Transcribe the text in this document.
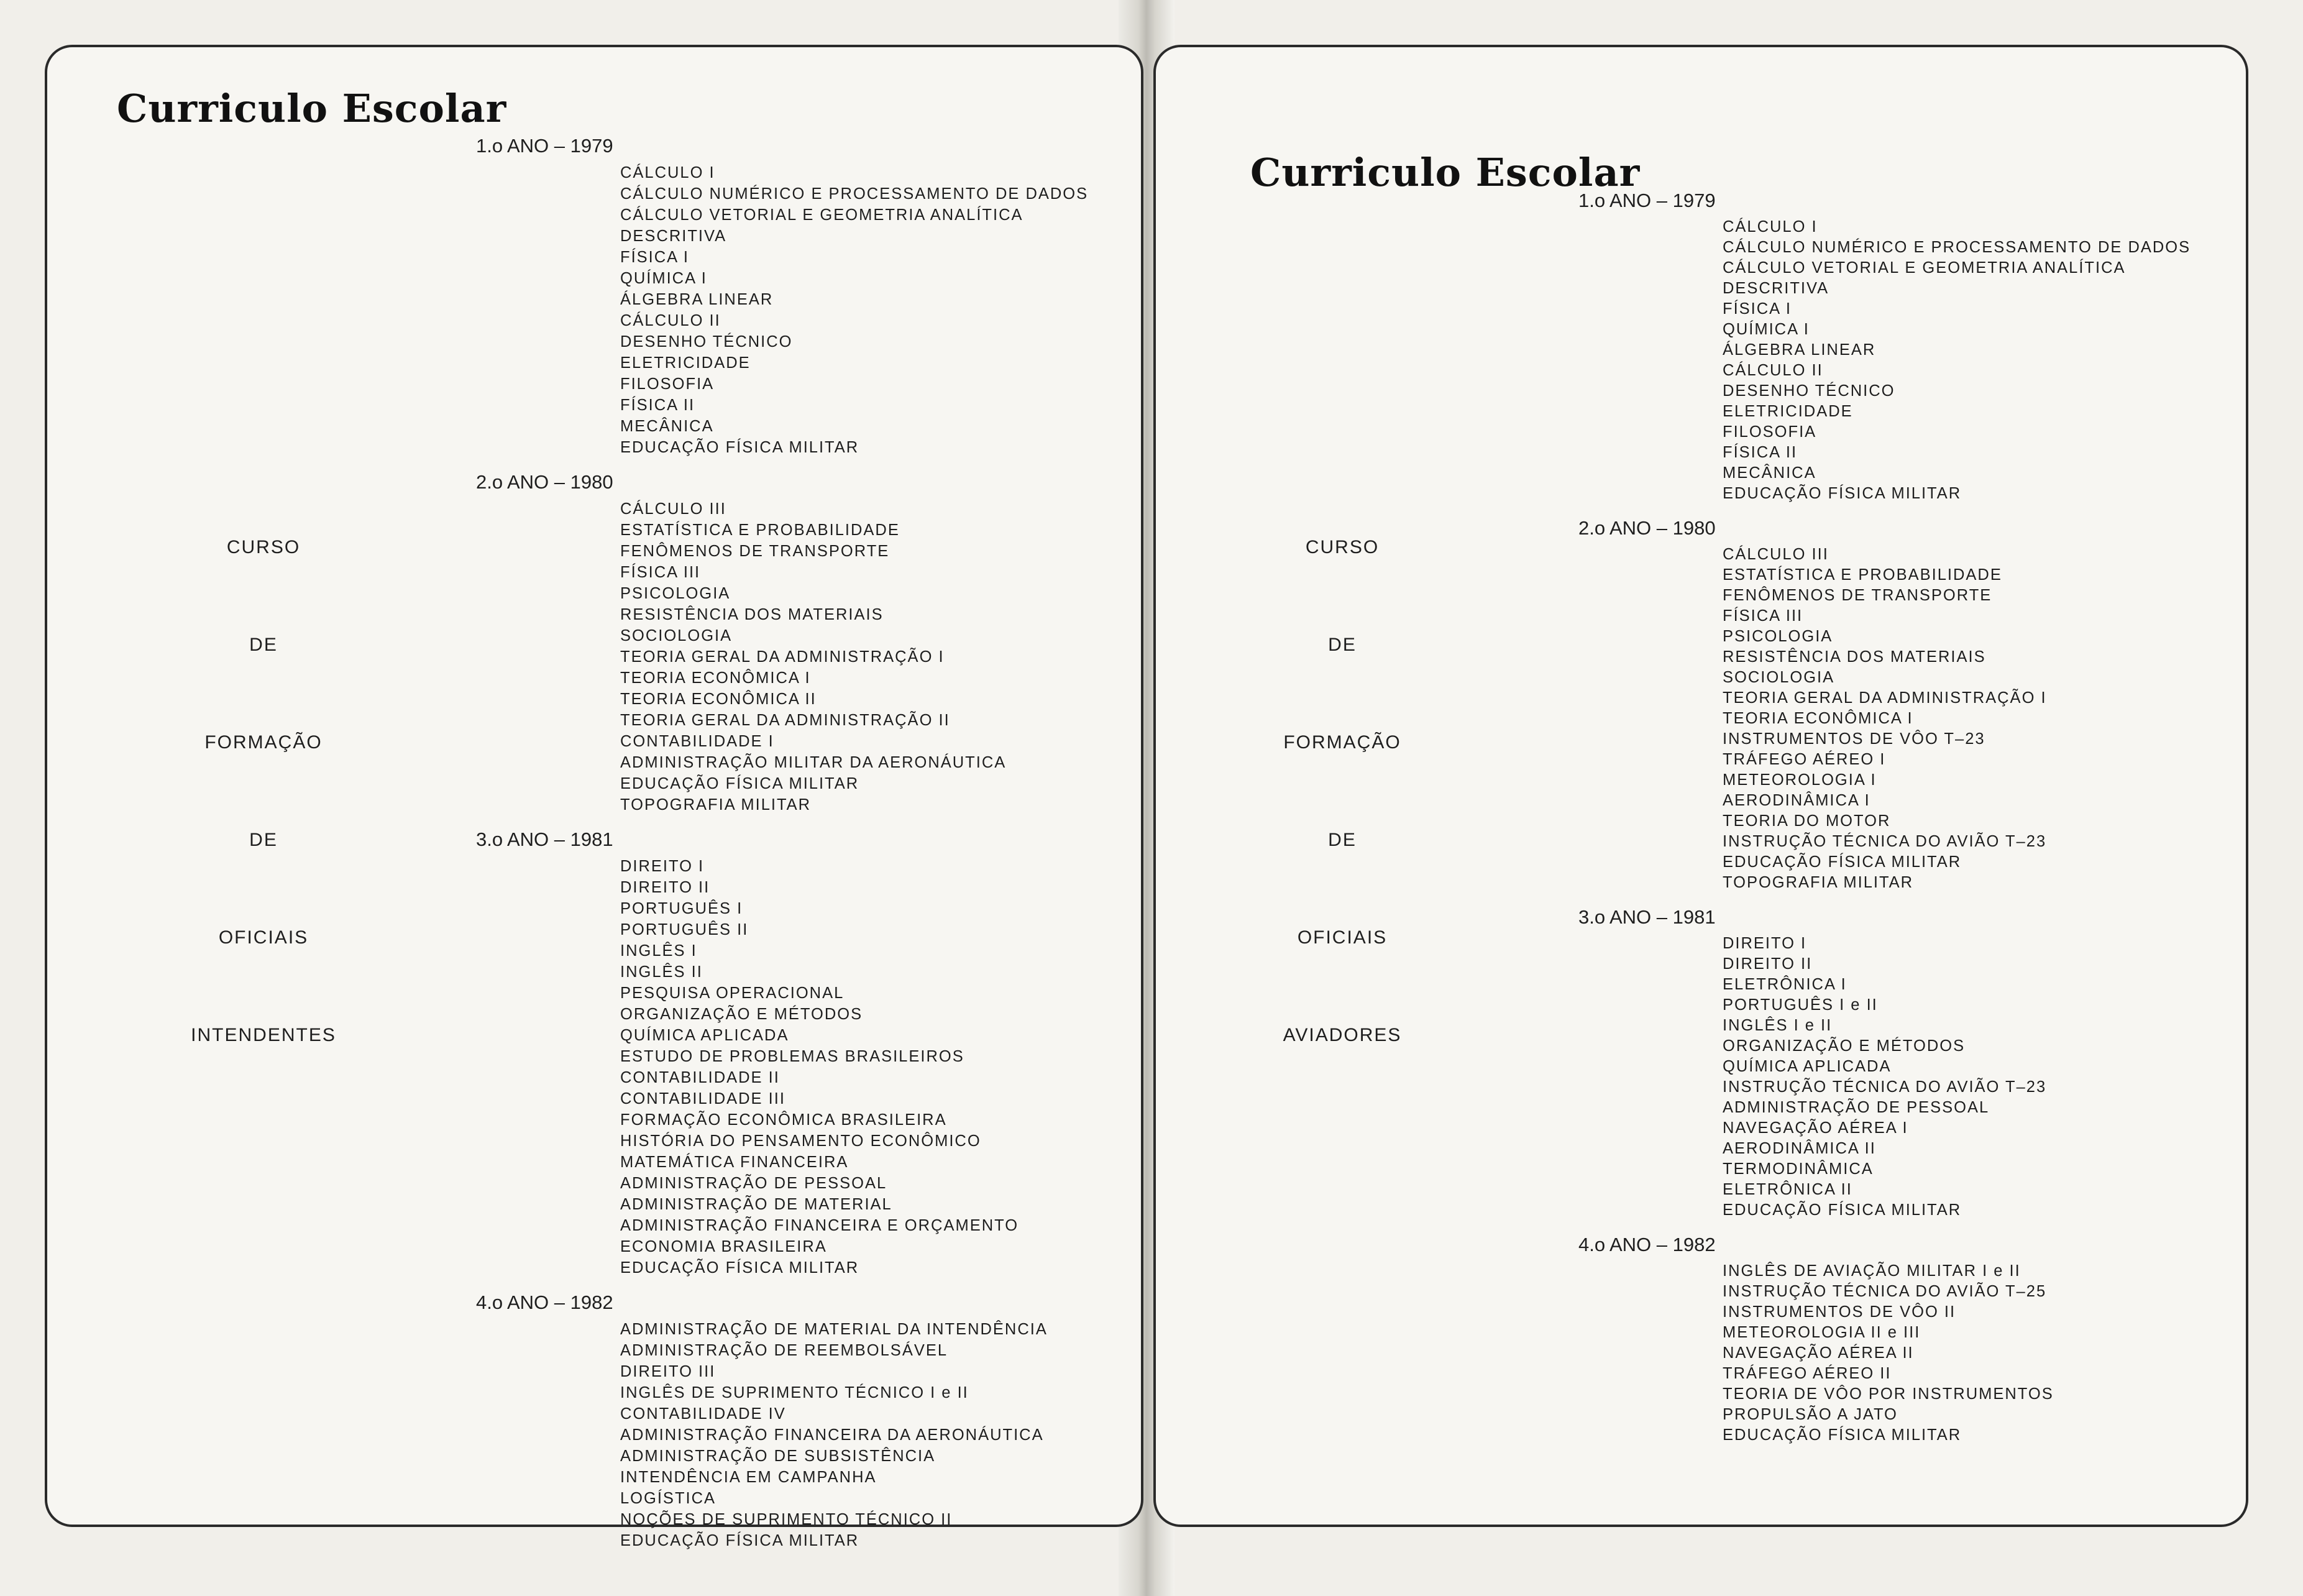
Curriculo Escolar
CURSO
DE
FORMAÇÃO
DE
OFICIAIS
INTENDENTES
1.o ANO – 1979
CÁLCULO I
CÁLCULO NUMÉRICO E PROCESSAMENTO DE DADOS
CÁLCULO VETORIAL E GEOMETRIA ANALÍTICA
DESCRITIVA
FÍSICA I
QUÍMICA I
ÁLGEBRA LINEAR
CÁLCULO II
DESENHO TÉCNICO
ELETRICIDADE
FILOSOFIA
FÍSICA II
MECÂNICA
EDUCAÇÃO FÍSICA MILITAR
2.o ANO – 1980
CÁLCULO III
ESTATÍSTICA E PROBABILIDADE
FENÔMENOS DE TRANSPORTE
FÍSICA III
PSICOLOGIA
RESISTÊNCIA DOS MATERIAIS
SOCIOLOGIA
TEORIA GERAL DA ADMINISTRAÇÃO I
TEORIA ECONÔMICA I
TEORIA ECONÔMICA II
TEORIA GERAL DA ADMINISTRAÇÃO II
CONTABILIDADE I
ADMINISTRAÇÃO MILITAR DA AERONÁUTICA
EDUCAÇÃO FÍSICA MILITAR
TOPOGRAFIA MILITAR
3.o ANO – 1981
DIREITO I
DIREITO II
PORTUGUÊS I
PORTUGUÊS II
INGLÊS I
INGLÊS II
PESQUISA OPERACIONAL
ORGANIZAÇÃO E MÉTODOS
QUÍMICA APLICADA
ESTUDO DE PROBLEMAS BRASILEIROS
CONTABILIDADE II
CONTABILIDADE III
FORMAÇÃO ECONÔMICA BRASILEIRA
HISTÓRIA DO PENSAMENTO ECONÔMICO
MATEMÁTICA FINANCEIRA
ADMINISTRAÇÃO DE PESSOAL
ADMINISTRAÇÃO DE MATERIAL
ADMINISTRAÇÃO FINANCEIRA E ORÇAMENTO
ECONOMIA BRASILEIRA
EDUCAÇÃO FÍSICA MILITAR
4.o ANO – 1982
ADMINISTRAÇÃO DE MATERIAL DA INTENDÊNCIA
ADMINISTRAÇÃO DE REEMBOLSÁVEL
DIREITO III
INGLÊS DE SUPRIMENTO TÉCNICO I e II
CONTABILIDADE IV
ADMINISTRAÇÃO FINANCEIRA DA AERONÁUTICA
ADMINISTRAÇÃO DE SUBSISTÊNCIA
INTENDÊNCIA EM CAMPANHA
LOGÍSTICA
NOÇÕES DE SUPRIMENTO TÉCNICO II
EDUCAÇÃO FÍSICA MILITAR
Curriculo Escolar
CURSO
DE
FORMAÇÃO
DE
OFICIAIS
AVIADORES
1.o ANO – 1979
CÁLCULO I
CÁLCULO NUMÉRICO E PROCESSAMENTO DE DADOS
CÁLCULO VETORIAL E GEOMETRIA ANALÍTICA
DESCRITIVA
FÍSICA I
QUÍMICA I
ÁLGEBRA LINEAR
CÁLCULO II
DESENHO TÉCNICO
ELETRICIDADE
FILOSOFIA
FÍSICA II
MECÂNICA
EDUCAÇÃO FÍSICA MILITAR
2.o ANO – 1980
CÁLCULO III
ESTATÍSTICA E PROBABILIDADE
FENÔMENOS DE TRANSPORTE
FÍSICA III
PSICOLOGIA
RESISTÊNCIA DOS MATERIAIS
SOCIOLOGIA
TEORIA GERAL DA ADMINISTRAÇÃO I
TEORIA ECONÔMICA I
INSTRUMENTOS DE VÔO T–23
TRÁFEGO AÉREO I
METEOROLOGIA I
AERODINÂMICA I
TEORIA DO MOTOR
INSTRUÇÃO TÉCNICA DO AVIÃO T–23
EDUCAÇÃO FÍSICA MILITAR
TOPOGRAFIA MILITAR
3.o ANO – 1981
DIREITO I
DIREITO II
ELETRÔNICA I
PORTUGUÊS I e II
INGLÊS I e II
ORGANIZAÇÃO E MÉTODOS
QUÍMICA APLICADA
INSTRUÇÃO TÉCNICA DO AVIÃO T–23
ADMINISTRAÇÃO DE PESSOAL
NAVEGAÇÃO AÉREA I
AERODINÂMICA II
TERMODINÂMICA
ELETRÔNICA II
EDUCAÇÃO FÍSICA MILITAR
4.o ANO – 1982
INGLÊS DE AVIAÇÃO MILITAR I e II
INSTRUÇÃO TÉCNICA DO AVIÃO T–25
INSTRUMENTOS DE VÔO II
METEOROLOGIA II e III
NAVEGAÇÃO AÉREA II
TRÁFEGO AÉREO II
TEORIA DE VÔO POR INSTRUMENTOS
PROPULSÃO A JATO
EDUCAÇÃO FÍSICA MILITAR
